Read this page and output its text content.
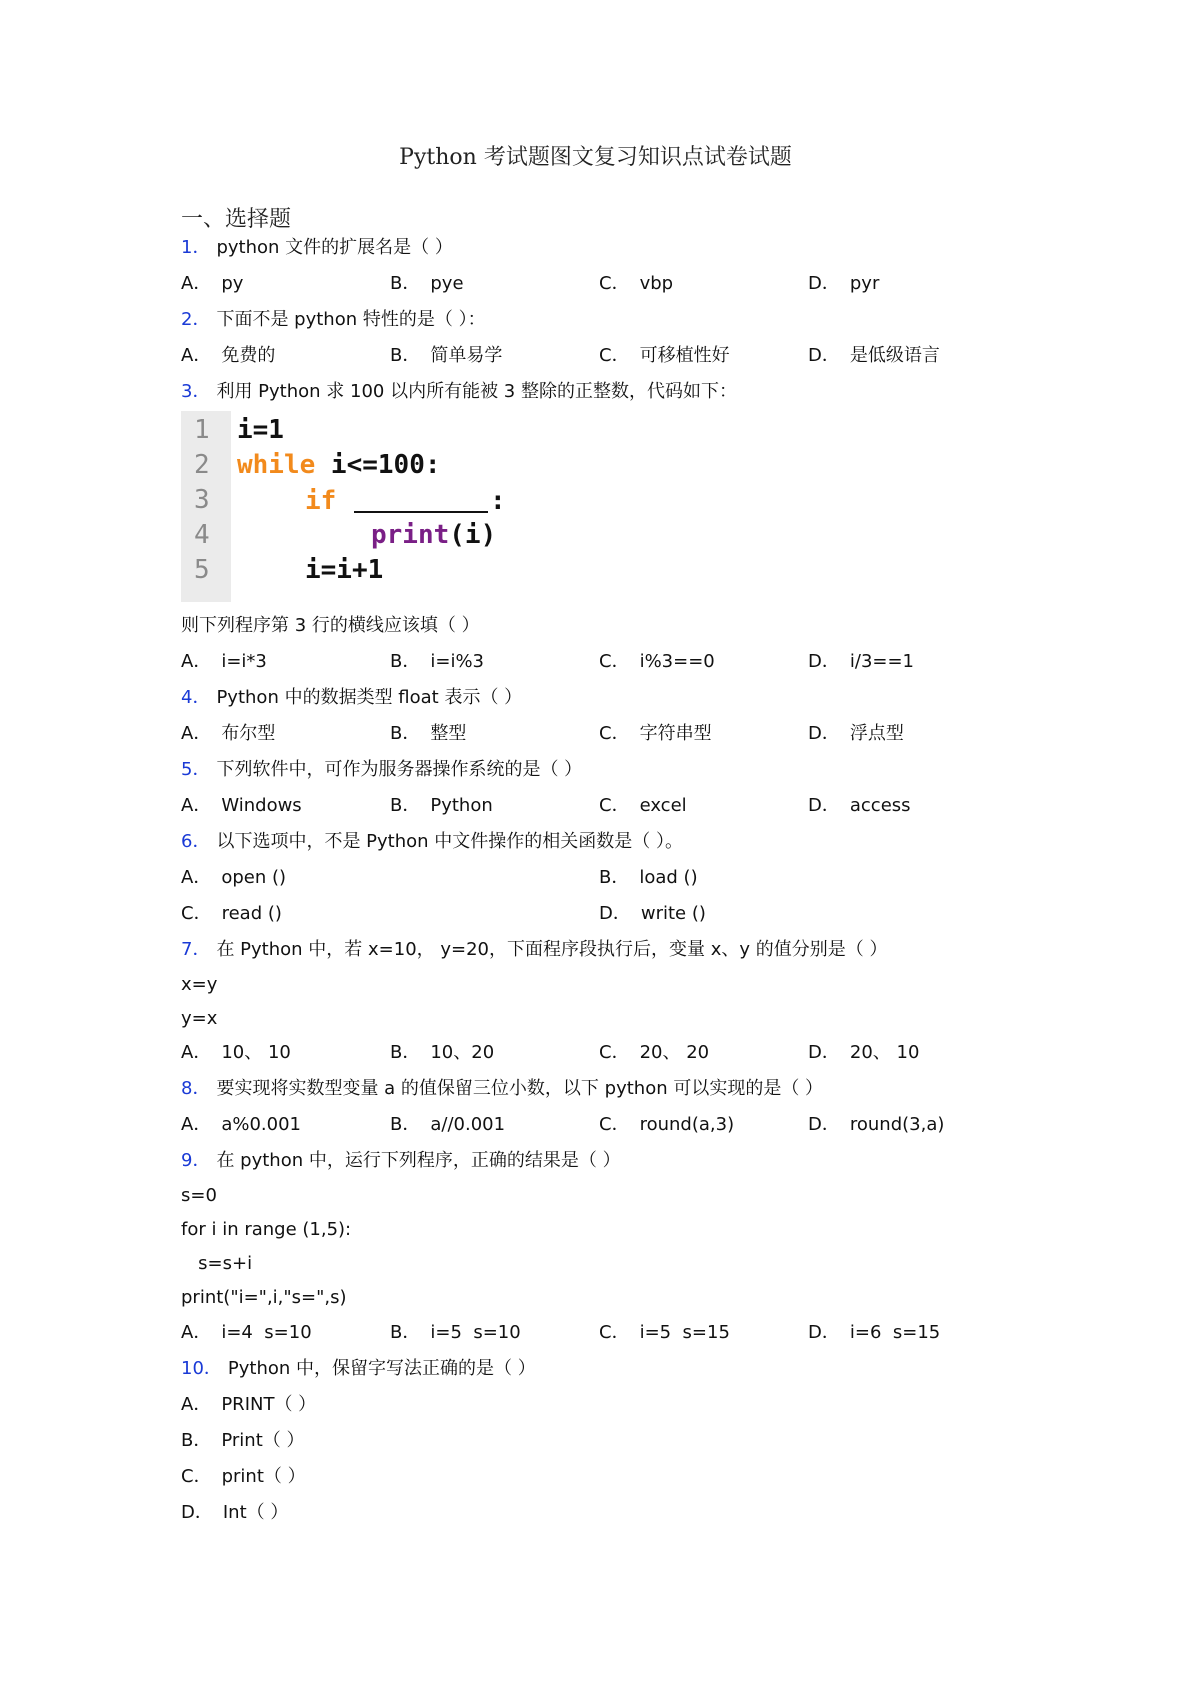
Python 考试题图文复习知识点试卷试题
一、选择题
1． python 文件的扩展名是（ ）
A． py	B． pye	C． vbp	D． pyr
2． 下面不是 python 特性的是（ ）：
A． 免费的	B． 简单易学	C． 可移植性好	D． 是低级语言
3． 利用 Python 求 100 以内所有能被 3 整除的正整数，代码如下：
1
2
3
4
5
i=1
while i<=100:
if	:
print(i)
i=i+1
则下列程序第 3 行的横线应该填（ ）
A． i=i*3	B． i=i%3	C． i%3==0	D． i/3==1
4． Python 中的数据类型 float 表示（ ）
A． 布尔型	B． 整型	C． 字符串型	D． 浮点型
5． 下列软件中，可作为服务器操作系统的是（ ）
A． Windows	B． Python	C． excel	D． access
6． 以下选项中，不是 Python 中文件操作的相关函数是（ ）。
A． open ()	B． load ()
C． read ()	D． write ()
7． 在 Python 中，若 x=10， y=20，下面程序段执行后，变量 x、y 的值分别是（ ）
x=y
y=x
A． 10、 10	B． 10、20	C． 20、 20	D． 20、 10
8． 要实现将实数型变量 a 的值保留三位小数，以下 python 可以实现的是（ ）
A． a%0.001	B． a//0.001	C． round(a,3)	D． round(3,a)
9． 在 python 中，运行下列程序，正确的结果是（ ）
s=0
for i in range (1,5):
s=s+i
print("i=",i,"s=",s)
A． i=4  s=10	B． i=5  s=10	C． i=5  s=15	D． i=6  s=15
10． Python 中，保留字写法正确的是（ ）
A． PRINT（ ）
B． Print（ ）
C． print（ ）
D． Int（ ）
